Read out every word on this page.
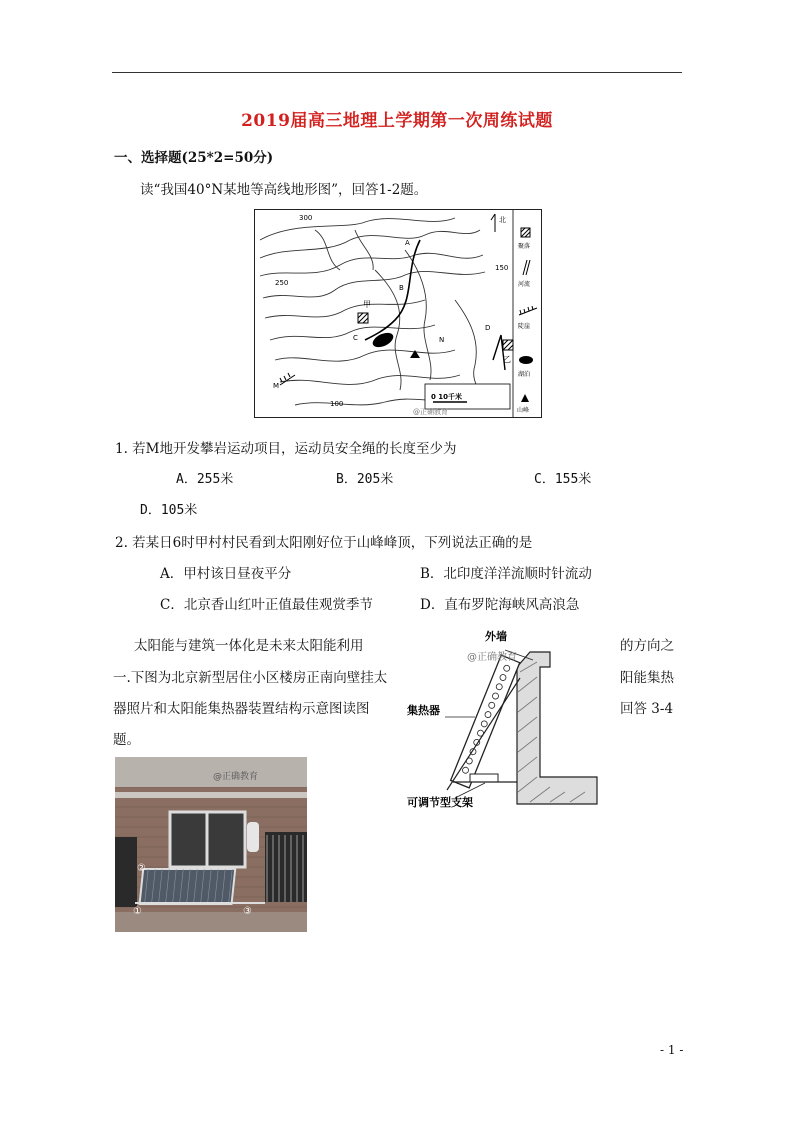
2019届高三地理上学期第一次周练试题
一、选择题(25*2=50分)
读“我国40°N某地等高线地形图”，回答1-2题。
300
250
150
100
A
B
C
D
N
M
甲
乙
0 10千米
北
聚落
河流
陡崖
湖泊
山峰
@正确教育
1. 若M地开发攀岩运动项目，运动员安全绳的长度至少为
A．255米	B．205米	C．155米
D．105米
2. 若某日6时甲村村民看到太阳刚好位于山峰峰顶，下列说法正确的是
A．甲村该日昼夜平分	B．北印度洋洋流顺时针流动
C．北京香山红叶正值最佳观赏季节	D．直布罗陀海峡风高浪急
太阳能与建筑一体化是未来太阳能利用	的方向之
一.下图为北京新型居住小区楼房正南向壁挂太	阳能集热
器照片和太阳能集热器装置结构示意图读图	回答 3-4
题。
外墙
集热器
可调节型支架
@正确教育
②
①	③
@正确教育
- 1 -
